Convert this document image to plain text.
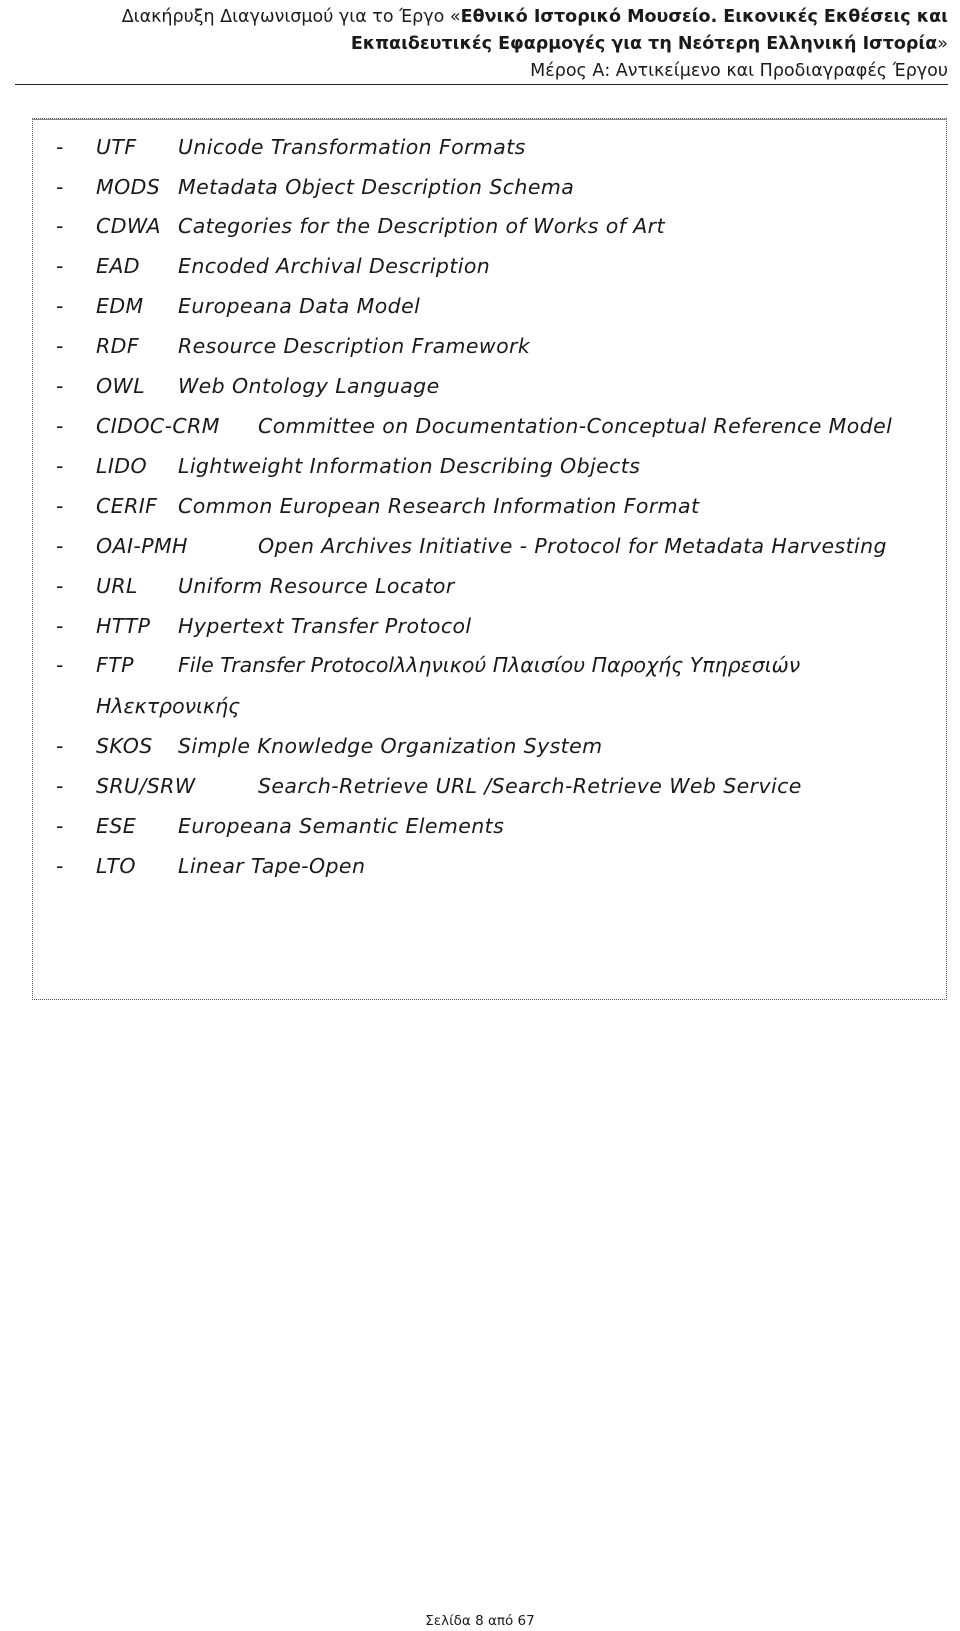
Διακήρυξη Διαγωνισμού για το Έργο «Εθνικό Ιστορικό Μουσείο. Εικονικές Εκθέσεις και
Εκπαιδευτικές Εφαρμογές για τη Νεότερη Ελληνική Ιστορία»
Μέρος Α: Αντικείμενο και Προδιαγραφές Έργου
- UTF Unicode Transformation Formats
- MODS Metadata Object Description Schema
- CDWA Categories for the Description of Works of Art
- EAD Encoded Archival Description
- EDM Europeana Data Model
- RDF Resource Description Framework
- OWL Web Ontology Language
- CIDOC-CRM Committee on Documentation-Conceptual Reference Model
- LIDO Lightweight Information Describing Objects
- CERIF Common European Research Information Format
- OAI-PMH	Open Archives Initiative - Protocol for Metadata Harvesting
- URL Uniform Resource Locator
- HTTP Hypertext Transfer Protocol
- FTP File Transfer Protocolλληνικού Πλαισίου Παροχής Υπηρεσιών
Ηλεκτρονικής
- SKOS Simple Knowledge Organization System
- SRU/SRW	Search-Retrieve URL /Search-Retrieve Web Service
- ESE Europeana Semantic Elements
- LTO Linear Tape-Open
Σελίδα 8 από 67
